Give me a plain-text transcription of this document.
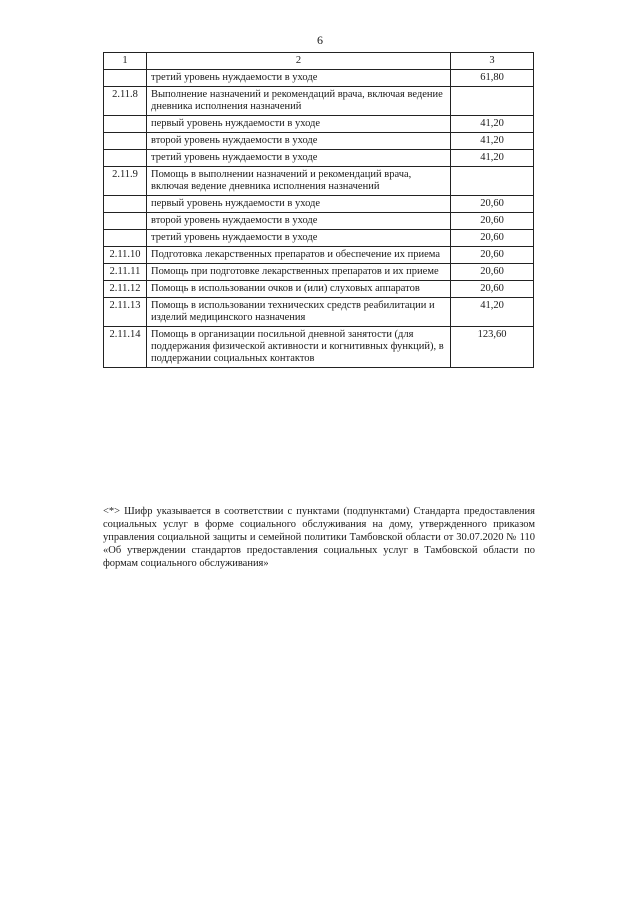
6
1	2	3
	третий уровень нуждаемости в уходе	61,80
2.11.8	Выполнение назначений и рекомендаций врача, включая ведение дневника исполнения назначений	
	первый уровень нуждаемости в уходе	41,20
	второй уровень нуждаемости в уходе	41,20
	третий уровень нуждаемости в уходе	41,20
2.11.9	Помощь в выполнении назначений и рекомендаций врача, включая ведение дневника исполнения назначений	
	первый уровень нуждаемости в уходе	20,60
	второй уровень нуждаемости в уходе	20,60
	третий уровень нуждаемости в уходе	20,60
2.11.10	Подготовка лекарственных препаратов и обеспечение их приема	20,60
2.11.11	Помощь при подготовке лекарственных препаратов и их приеме	20,60
2.11.12	Помощь в использовании очков и (или) слуховых аппаратов	20,60
2.11.13	Помощь в использовании технических средств реабилитации и изделий медицинского назначения	41,20
2.11.14	Помощь в организации посильной дневной занятости (для поддержания физической активности и когнитивных функций), в поддержании социальных контактов	123,60
<*> Шифр указывается в соответствии с пунктами (подпунктами) Стандарта предоставления социальных услуг в форме социального обслуживания на дому, утвержденного приказом управления социальной защиты и семейной политики Тамбовской области от 30.07.2020 № 110 «Об утверждении стандартов предоставления социальных услуг в Тамбовской области по формам социального обслуживания»
